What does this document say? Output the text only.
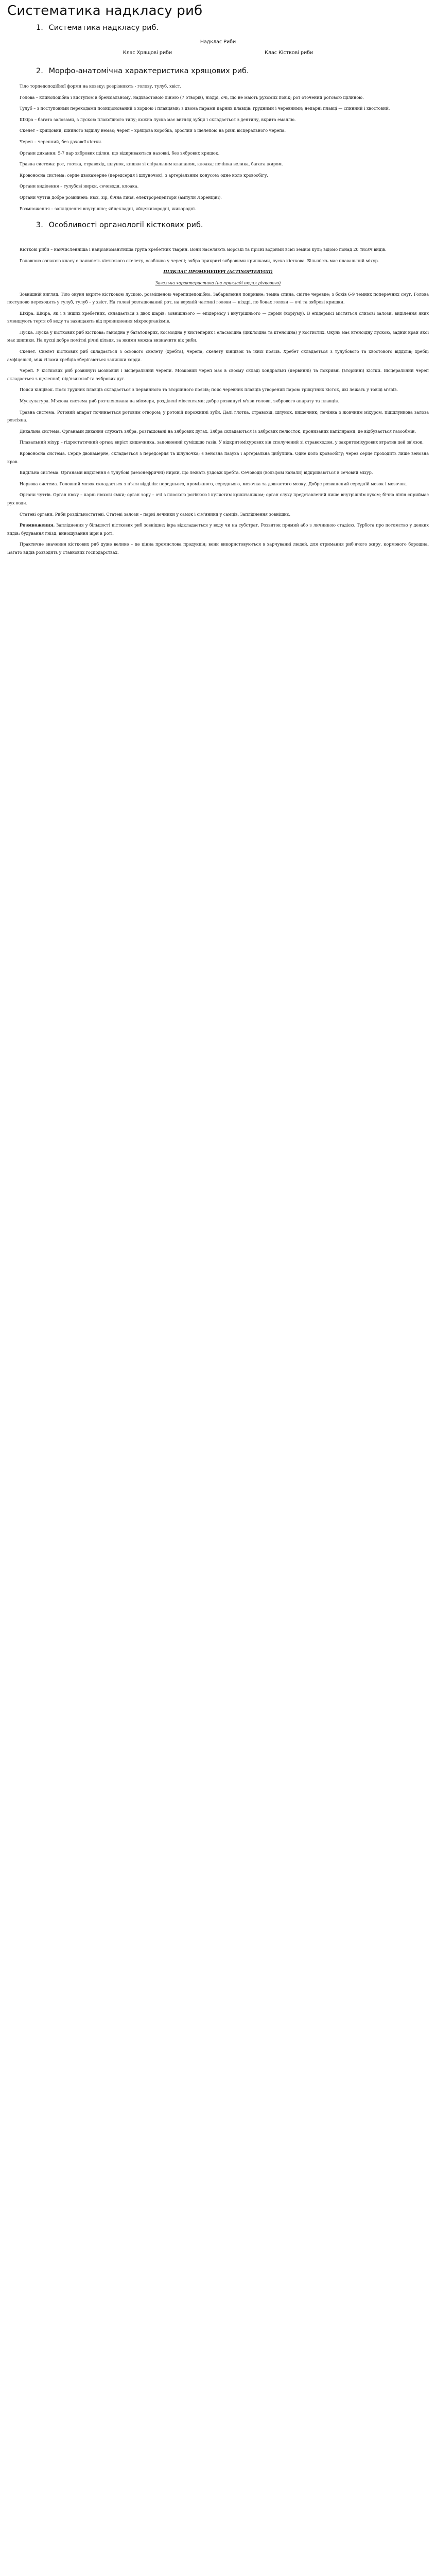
Систематика надкласу риб
1. Систематика надкласу риб.
Надклас Риби
Клас Хрящові риби	Клас Кісткові риби
2. Морфо-анатомічна характеристика хрящових риб.

Тіло торпедоподібної форми на ковзку; розрізняють - голову, тулуб, хвіст.

Голова – клиноподібна і виступом в брензіальному, надхвостовою лінією (7 отворів), ніздрі, очі, що не мають рухомих повік; рот оточений ротовою щілиною.

Тулуб – з поступовими переходами позиціонований з хордою і плавцями; з двома парами парних плавців: грудними і черевними; непарні плавці — спинний і хвостовий.

Шкіра – багата залозами, з лускою плакоїдного типу; кожна луска має вигляд зубця і складається з дентину, вкрита емаллю.

Скелет – хрящовий, шийного відділу немає; череп – хрящова коробка, зрослий з щелепою на рівні вісцерального черепа.

Череп – черепний, без дахової кістки.

Органи дихання: 5-7 пар зябрових щілин, що відкриваються назовні, без зябрових кришок.

Травна система: рот, глотка, стравохід, шлунок, кишки зі спіральним клапаном, клоака; печінка велика, багата жиром.

Кровоносна система: серце двокамерне (передсердя і шлуночок), з артеріальним конусом; одне коло кровообігу.

Органи виділення – тулубові нирки, сечоводи, клоака.

Органи чуттів добре розвинені: нюх, зір, бічна лінія, електрорецептори (ампули Лоренціні).

Розмноження – запліднення внутрішнє; яйцекладні, яйцеживородні, живородні.

3. Особливості органології кісткових риб.

Кісткові риби – найчисленніша і найрізноманітніша група хребетних тварин. Вони населяють морські та прісні водойми всієї земної кулі; відомо понад 20 тисяч видів.

Головною ознакою класу є наявність кісткового скелету, особливо у черепі; зябра прикриті зябровими кришками, луска кісткова. Більшість має плавальний міхур.

ПІДКЛАС ПРОМЕНЕПЕРІ (ACTINOPTERYGII)

Загальна характеристика (на прикладі окуня річкового)

Зовнішній вигляд. Тіло окуня вкрите кістковою лускою, розміщеною черепицеподібно. Забарвлення покривне: темна спина, світле черевце; з боків 6-9 темних поперечних смуг. Голова поступово переходить у тулуб, тулуб – у хвіст. На голові розташований рот, на верхній частині голови — ніздрі, по боках голови — очі та зяброві кришки.

Шкіра. Шкіра, як і в інших хребетних, складається з двох шарів: зовнішнього — епідермісу і внутрішнього — дерми (коріуму). В епідермісі містяться слизові залози, виділення яких зменшують тертя об воду та захищають від проникнення мікроорганізмів.

Луска. Луска у кісткових риб кісткова: ганоїдна у багатоперих, космоїдна у кистеперих і еласмоїдна (циклоїдна та ктеноїдна) у костистих. Окунь має ктеноїдну лускою, задній край якої має шипики. На лусці добре помітні річні кільця, за якими можна визначити вік риби.

Скелет. Скелет кісткових риб складається з осьового скелету (хребта), черепа, скелету кінцівок та їхніх поясів. Хребет складається з тулубового та хвостового відділів; хребці амфіцельні, між тілами хребців зберігаються залишки хорди.

Череп. У кісткових риб розвинуті мозковий і вісцеральний черепи. Мозковий череп має в своєму складі хондральні (первинні) та покривні (вторинні) кістки. Вісцеральний череп складається з щелепної, під'язикової та зябрових дуг.

Пояси кінцівок. Пояс грудних плавців складається з первинного та вторинного поясів; пояс черевних плавців утворений парою трикутних кісток, які лежать у товщі м'язів.

Мускулатура. М'язова система риб розчленована на міомери, розділені міосептами; добре розвинуті м'язи голови, зябрового апарату та плавців.

Травна система. Ротовий апарат починається ротовим отвором; у ротовій порожнині зуби. Далі глотка, стравохід, шлунок, кишечник; печінка з жовчним міхуром, підшлункова залоза розсіяна.

Дихальна система. Органами дихання служать зябра, розташовані на зябрових дугах. Зябра складаються із зябрових пелюсток, пронизаних капілярами, де відбувається газообмін.

Плавальний міхур – гідростатичний орган; виріст кишечника, заповнений сумішшю газів. У відкритоміхурових він сполучений зі стравоходом, у закритоміхурових втратив цей зв'язок.

Кровоносна система. Серце двокамерне, складається з передсердя та шлуночка; є венозна пазуха і артеріальна цибулина. Одне коло кровообігу; через серце проходить лише венозна кров.

Видільна система. Органами виділення є тулубові (мезонефричні) нирки, що лежать уздовж хребта. Сечоводи (вольфові канали) відкриваються в сечовий міхур.

Нервова система. Головний мозок складається з п'яти відділів: переднього, проміжного, середнього, мозочка та довгастого мозку. Добре розвинений середній мозок і мозочок.

Органи чуттів. Орган нюху – парні нюхові ямки; орган зору – очі з плоскою рогівкою і кулястим кришталиком; орган слуху представлений лише внутрішнім вухом; бічна лінія сприймає рух води.

Статеві органи. Риби роздільностатеві. Статеві залози – парні яєчники у самок і сім'яники у самців. Запліднення зовнішнє.

Розмноження. Запліднення у більшості кісткових риб зовнішнє; ікра відкладається у воду чи на субстрат. Розвиток прямий або з личинкою стадією. Турбота про потомство у деяких видів: будування гнізд, виношування ікри в роті.

Практичне значення кісткових риб дуже велике – це цінна промислова продукція; вони використовуються в харчуванні людей, для отримання риб'ячого жиру, кормового борошна. Багато видів розводять у ставкових господарствах.
